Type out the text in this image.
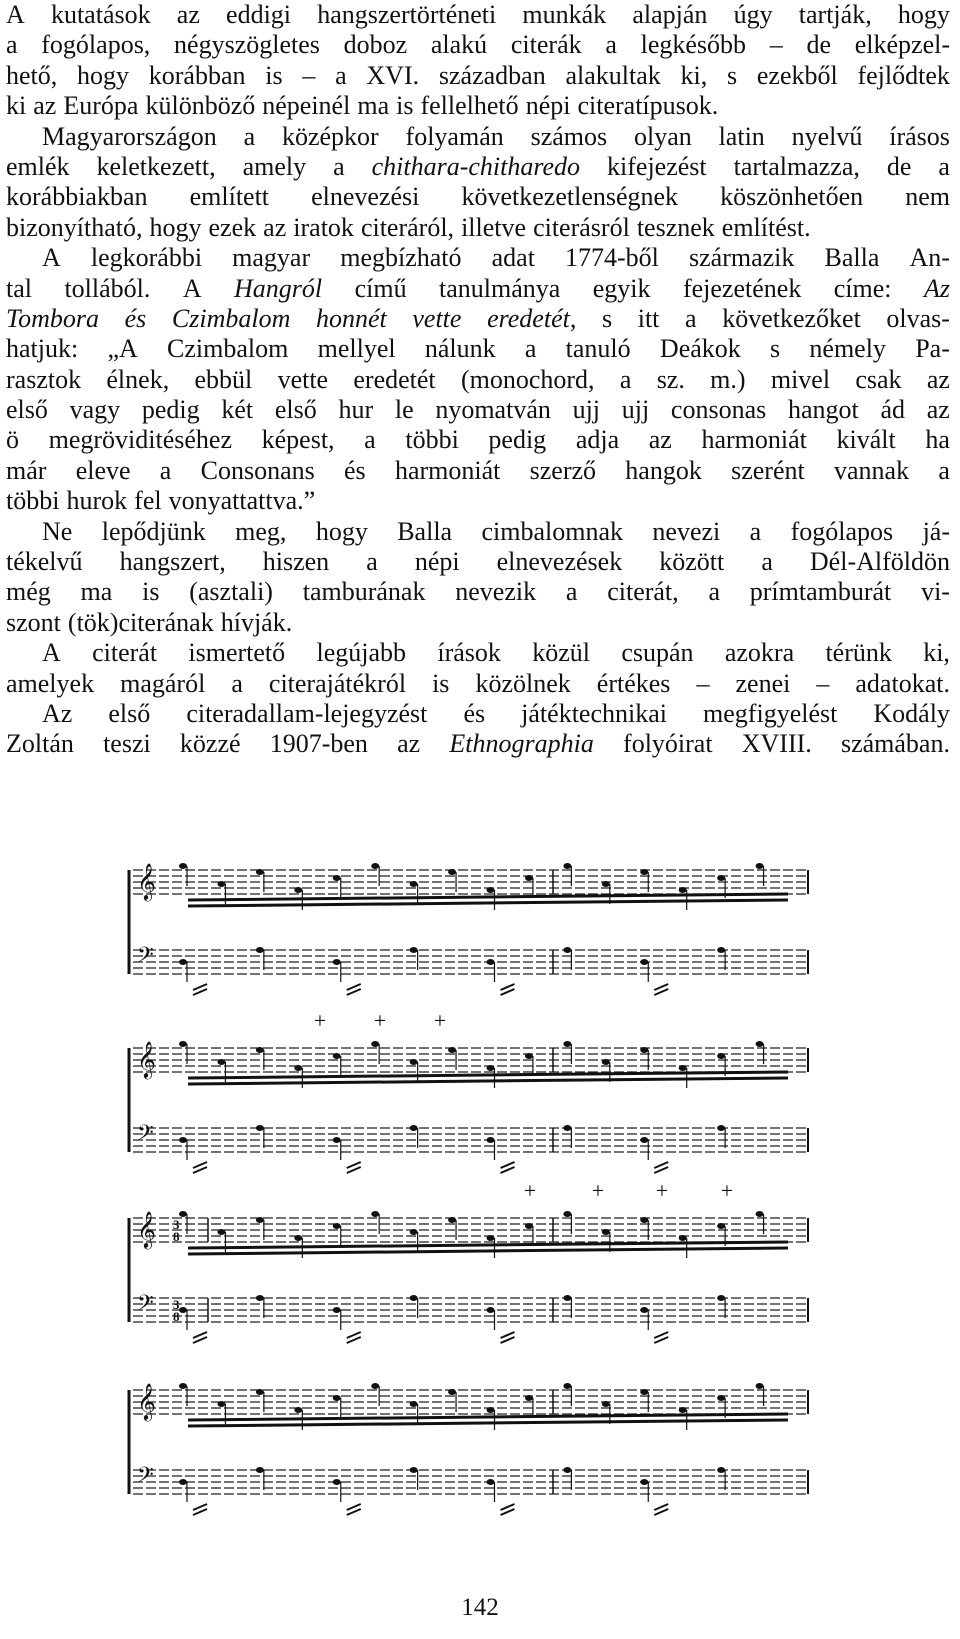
A kutatások az eddigi hangszertörténeti munkák alapján úgy tartják, hogy
a fogólapos, négyszögletes doboz alakú citerák a legkésőbb – de elképzel-
hető, hogy korábban is – a XVI. században alakultak ki, s ezekből fejlődtek
ki az Európa különböző népeinél ma is fellelhető népi citeratípusok.
Magyarországon a középkor folyamán számos olyan latin nyelvű írásos
emlék keletkezett, amely a chithara-chitharedo kifejezést tartalmazza, de a
korábbiakban említett elnevezési következetlenségnek köszönhetően nem
bizonyítható, hogy ezek az iratok citeráról, illetve citerásról tesznek említést.
A legkorábbi magyar megbízható adat 1774-ből származik Balla An-
tal tollából. A Hangról című tanulmánya egyik fejezetének címe: Az
Tombora és Czimbalom honnét vette eredetét, s itt a következőket olvas-
hatjuk: „A Czimbalom mellyel nálunk a tanuló Deákok s némely Pa-
rasztok élnek, ebbül vette eredetét (monochord, a sz. m.) mivel csak az
első vagy pedig két első hur le nyomatván ujj ujj consonas hangot ád az
ö megröviditéséhez képest, a többi pedig adja az harmoniát kivált ha
már eleve a Consonans és harmoniát szerző hangok szerént vannak a
többi hurok fel vonyattattva.”
Ne lepődjünk meg, hogy Balla cimbalomnak nevezi a fogólapos já-
tékelvű hangszert, hiszen a népi elnevezések között a Dél-Alföldön
még ma is (asztali) tamburának nevezik a citerát, a prímtamburát vi-
szont (tök)citerának hívják.
A citerát ismertető legújabb írások közül csupán azokra térünk ki,
amelyek magáról a citerajátékról is közölnek értékes – zenei – adatokat.
Az első citeradallam-lejegyzést és játéktechnikai megfigyelést Kodály
Zoltán teszi közzé 1907-ben az Ethnographia folyóirat XVIII. számában.
𝄞
𝄢
𝄞
𝄢
+ + +
𝄞
𝄢
3
8
3
8
+	+ + +
𝄞
𝄢
142
